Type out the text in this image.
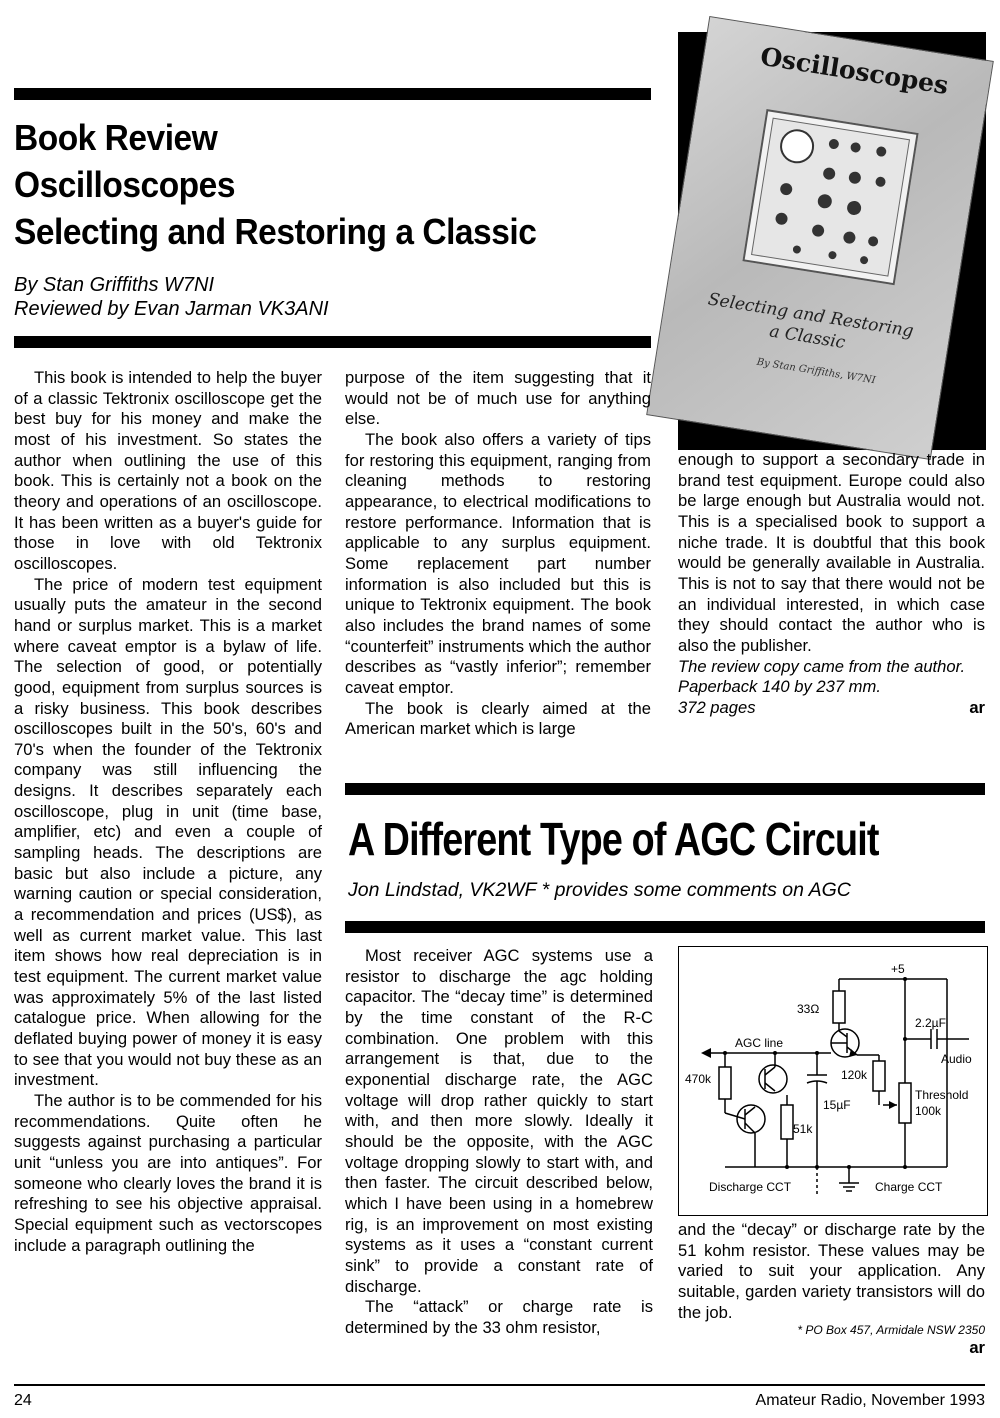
Book Review
Oscilloscopes
Selecting and Restoring a Classic
By Stan Griffiths W7NI
Reviewed by Evan Jarman VK3ANI
Oscilloscopes
Selecting and Restoring a Classic
By Stan Griffiths, W7NI

This book is intended to help the buyer of a classic Tektronix oscilloscope get the best buy for his money and make the most of his investment. So states the author when outlining the use of this book. This is certainly not a book on the theory and operations of an oscilloscope. It has been written as a buyer's guide for those in love with old Tektronix oscilloscopes.

The price of modern test equipment usually puts the amateur in the second hand or surplus market. This is a market where caveat emptor is a bylaw of life. The selection of good, or potentially good, equipment from surplus sources is a risky business. This book describes oscilloscopes built in the 50's, 60's and 70's when the founder of the Tektronix company was still influencing the designs. It describes separately each oscilloscope, plug in unit (time base, amplifier, etc) and even a couple of sampling heads. The descriptions are basic but also include a picture, any warning caution or special consideration, a recommendation and prices (US$), as well as current market value. This last item shows how real depreciation is in test equipment. The current market value was approximately 5% of the last listed catalogue price. When allowing for the deflated buying power of money it is easy to see that you would not buy these as an investment.

The author is to be commended for his recommendations. Quite often he suggests against purchasing a particular unit “unless you are into antiques”. For someone who clearly loves the brand it is refreshing to see his objective appraisal. Special equipment such as vectorscopes include a paragraph outlining the

purpose of the item suggesting that it would not be of much use for anything else.

The book also offers a variety of tips for restoring this equipment, ranging from cleaning methods to restoring appearance, to electrical modifications to restore performance. Information that is applicable to any surplus equipment. Some replacement part number information is also included but this is unique to Tektronix equipment. The book also includes the brand names of some “counterfeit” instruments which the author describes as “vastly inferior”; remember caveat emptor.

The book is clearly aimed at the American market which is large

enough to support a secondary trade in brand test equipment. Europe could also be large enough but Australia would not. This is a specialised book to support a niche trade. It is doubtful that this book would be generally available in Australia. This is not to say that there would not be an individual interested, in which case they should contact the author who is also the publisher.

The review copy came from the author.

Paperback 140 by 237 mm.

372 pages	ar
A Different Type of AGC Circuit
Jon Lindstad, VK2WF * provides some comments on AGC

Most receiver AGC systems use a resistor to discharge the agc holding capacitor. The “decay time” is determined by the time constant of the R-C combination. One problem with this arrangement is that, due to the exponential discharge rate, the AGC voltage will drop rather quickly to start with, and then more slowly. Ideally it should be the opposite, with the AGC voltage dropping slowly to start with, and then faster. The circuit described below, which I have been using in a homebrew rig, is an improvement on most existing systems as it uses a “constant current sink” to provide a constant rate of discharge.

The “attack” or charge rate is determined by the 33 ohm resistor,

+5
33Ω
2.2µF
AGC line
Audio
470k	120k
Threshold
100k
15µF
51k
Discharge CCT	Charge CCT

and the “decay” or discharge rate by the 51 kohm resistor. These values may be varied to suit your application. Any suitable, garden variety transistors will do the job.

* PO Box 457, Armidale NSW 2350
ar
24	Amateur Radio, November 1993
